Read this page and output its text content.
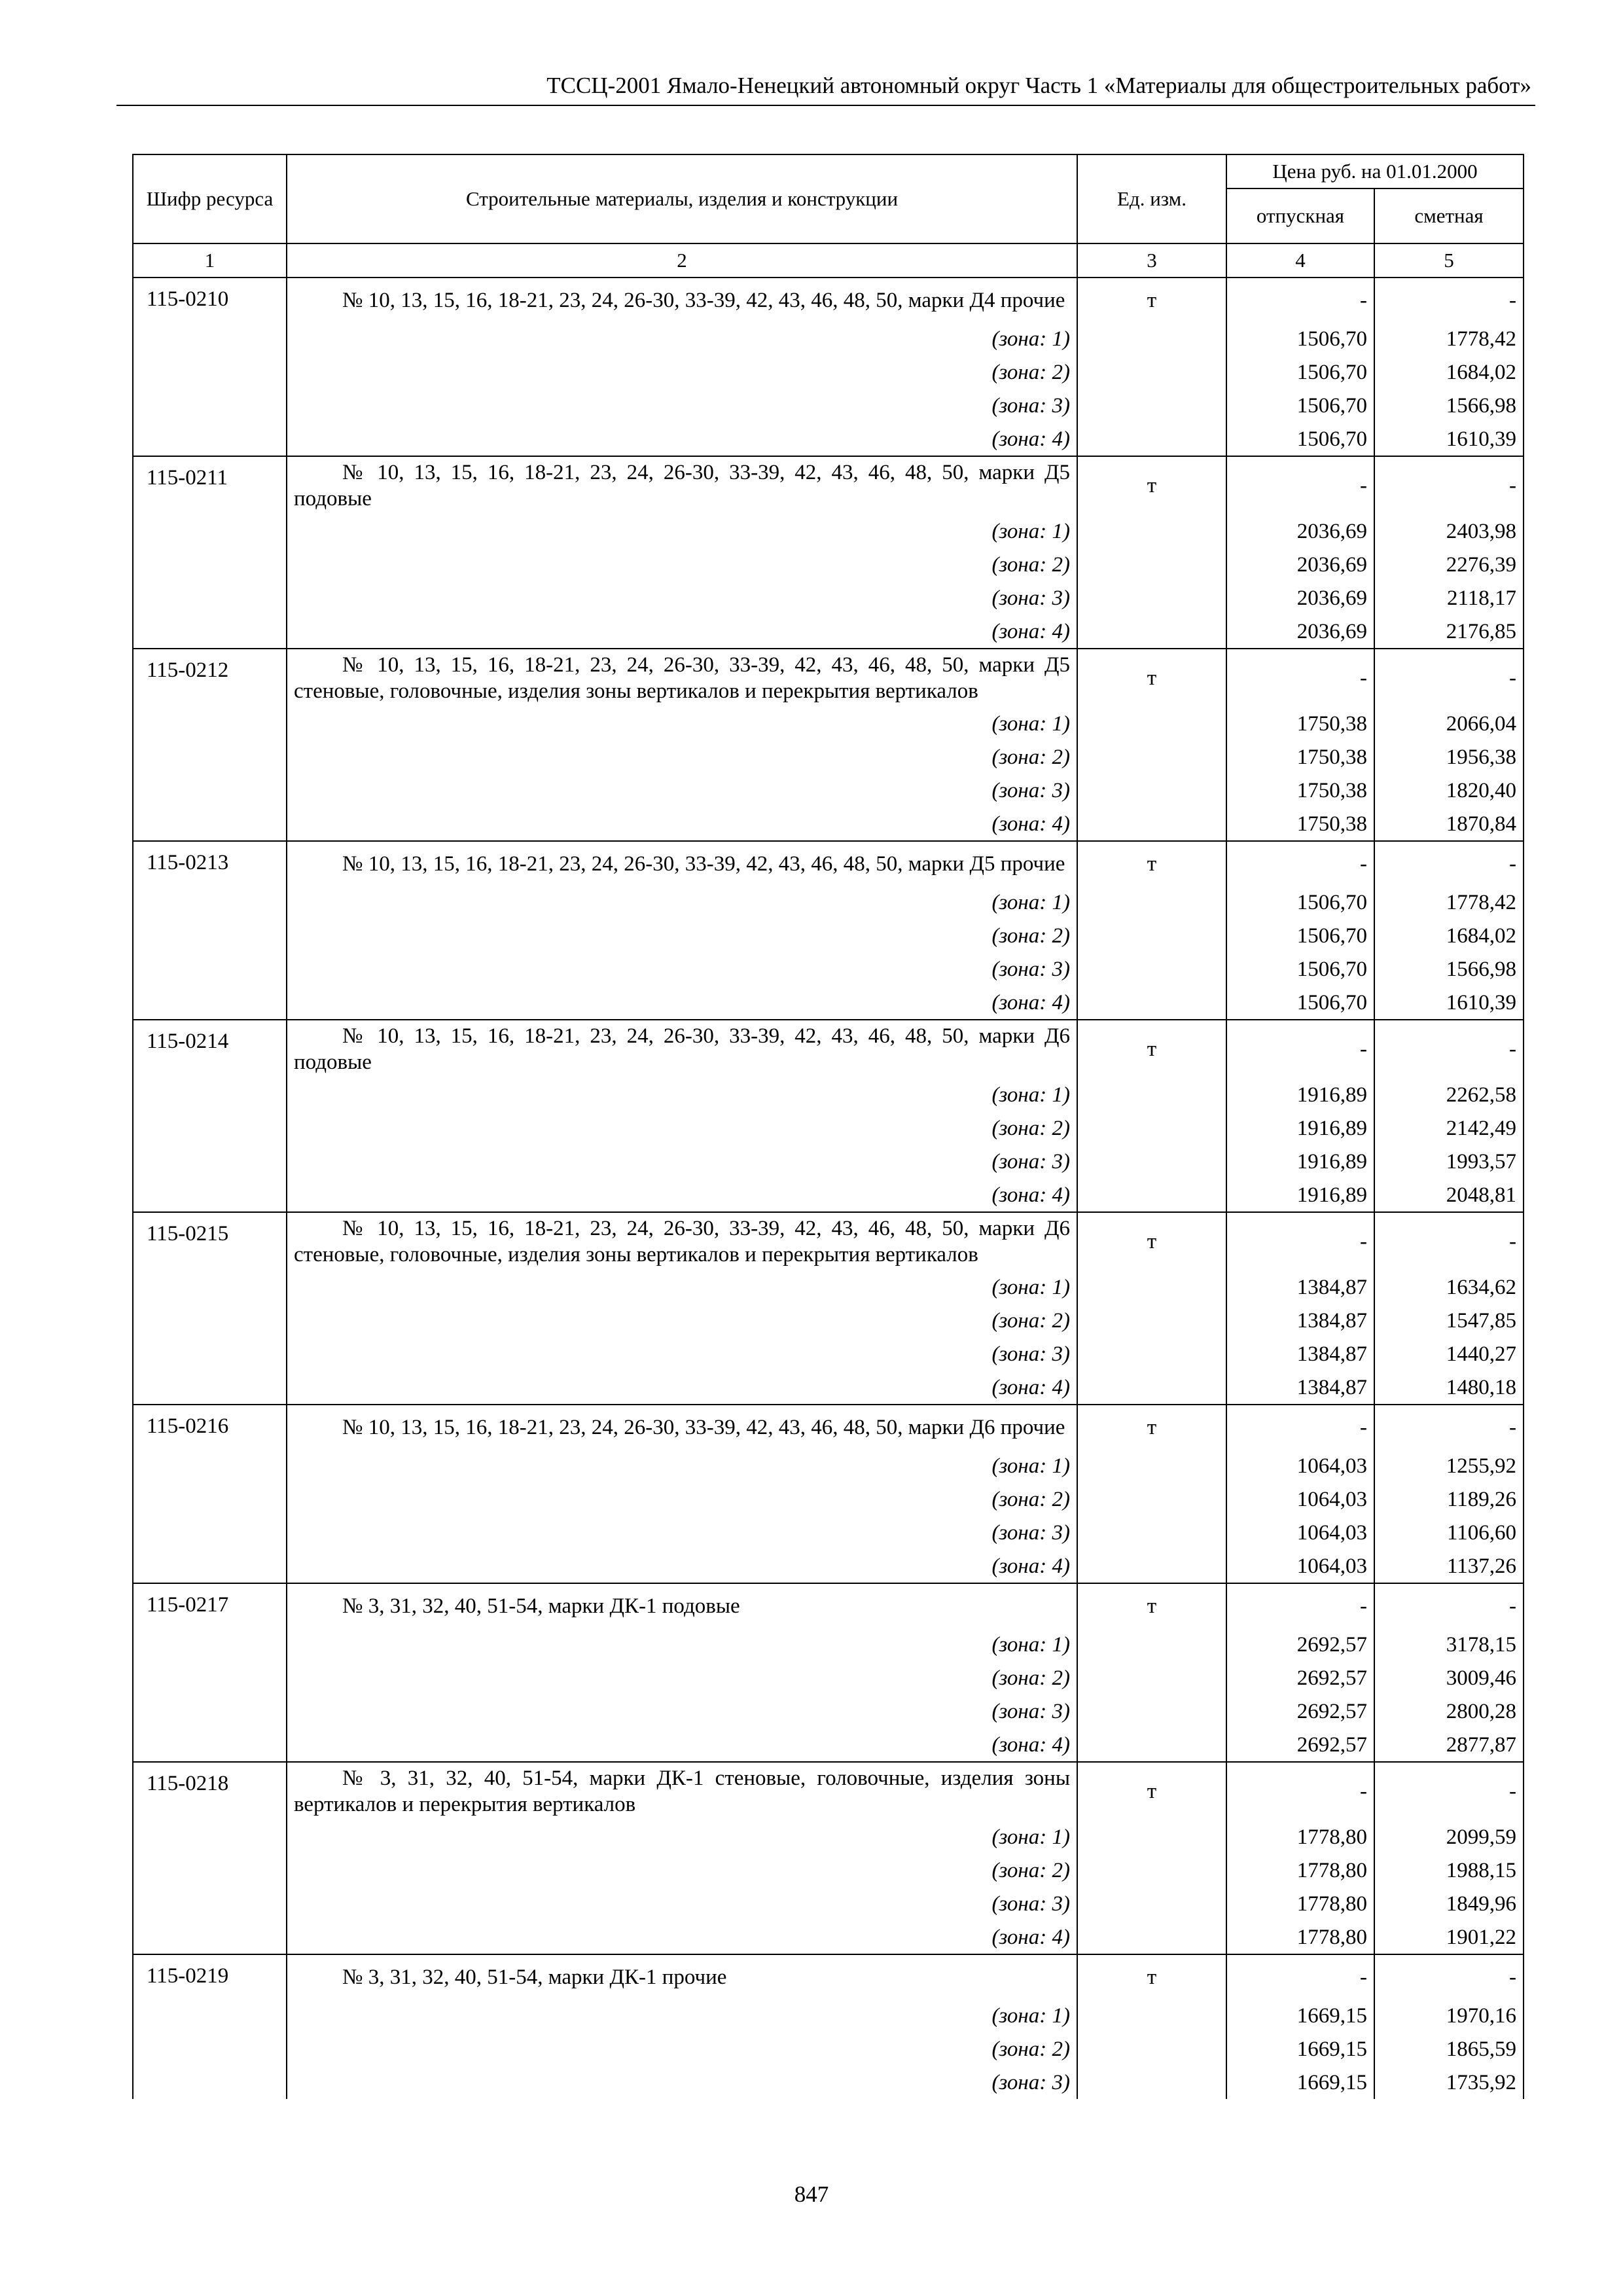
ТССЦ-2001 Ямало-Ненецкий автономный округ Часть 1 «Материалы для общестроительных работ»
Шифр ресурса	Строительные материалы, изделия и конструкции	Ед. изм.	Цена руб. на 01.01.2000	
			отпускная	сметная
1	2	3	4	5
115-0210	№ 10, 13, 15, 16, 18-21, 23, 24, 26-30, 33-39, 42, 43, 46, 48, 50, марки Д4 прочие	т	-	-
	(зона: 1)		1506,70	1778,42
	(зона: 2)		1506,70	1684,02
	(зона: 3)		1506,70	1566,98
	(зона: 4)		1506,70	1610,39
115-0211	№ 10, 13, 15, 16, 18-21, 23, 24, 26-30, 33-39, 42, 43, 46, 48, 50, марки Д5 подовые	т	-	-
	(зона: 1)		2036,69	2403,98
	(зона: 2)		2036,69	2276,39
	(зона: 3)		2036,69	2118,17
	(зона: 4)		2036,69	2176,85
115-0212	№ 10, 13, 15, 16, 18-21, 23, 24, 26-30, 33-39, 42, 43, 46, 48, 50, марки Д5 стеновые, головочные, изделия зоны вертикалов и перекрытия вертикалов	т	-	-
	(зона: 1)		1750,38	2066,04
	(зона: 2)		1750,38	1956,38
	(зона: 3)		1750,38	1820,40
	(зона: 4)		1750,38	1870,84
115-0213	№ 10, 13, 15, 16, 18-21, 23, 24, 26-30, 33-39, 42, 43, 46, 48, 50, марки Д5 прочие	т	-	-
	(зона: 1)		1506,70	1778,42
	(зона: 2)		1506,70	1684,02
	(зона: 3)		1506,70	1566,98
	(зона: 4)		1506,70	1610,39
115-0214	№ 10, 13, 15, 16, 18-21, 23, 24, 26-30, 33-39, 42, 43, 46, 48, 50, марки Д6 подовые	т	-	-
	(зона: 1)		1916,89	2262,58
	(зона: 2)		1916,89	2142,49
	(зона: 3)		1916,89	1993,57
	(зона: 4)		1916,89	2048,81
115-0215	№ 10, 13, 15, 16, 18-21, 23, 24, 26-30, 33-39, 42, 43, 46, 48, 50, марки Д6 стеновые, головочные, изделия зоны вертикалов и перекрытия вертикалов	т	-	-
	(зона: 1)		1384,87	1634,62
	(зона: 2)		1384,87	1547,85
	(зона: 3)		1384,87	1440,27
	(зона: 4)		1384,87	1480,18
115-0216	№ 10, 13, 15, 16, 18-21, 23, 24, 26-30, 33-39, 42, 43, 46, 48, 50, марки Д6 прочие	т	-	-
	(зона: 1)		1064,03	1255,92
	(зона: 2)		1064,03	1189,26
	(зона: 3)		1064,03	1106,60
	(зона: 4)		1064,03	1137,26
115-0217	№ 3, 31, 32, 40, 51-54, марки ДК-1 подовые	т	-	-
	(зона: 1)		2692,57	3178,15
	(зона: 2)		2692,57	3009,46
	(зона: 3)		2692,57	2800,28
	(зона: 4)		2692,57	2877,87
115-0218	№ 3, 31, 32, 40, 51-54, марки ДК-1 стеновые, головочные, изделия зоны вертикалов и перекрытия вертикалов	т	-	-
	(зона: 1)		1778,80	2099,59
	(зона: 2)		1778,80	1988,15
	(зона: 3)		1778,80	1849,96
	(зона: 4)		1778,80	1901,22
115-0219	№ 3, 31, 32, 40, 51-54, марки ДК-1 прочие	т	-	-
	(зона: 1)		1669,15	1970,16
	(зона: 2)		1669,15	1865,59
	(зона: 3)		1669,15	1735,92
847
